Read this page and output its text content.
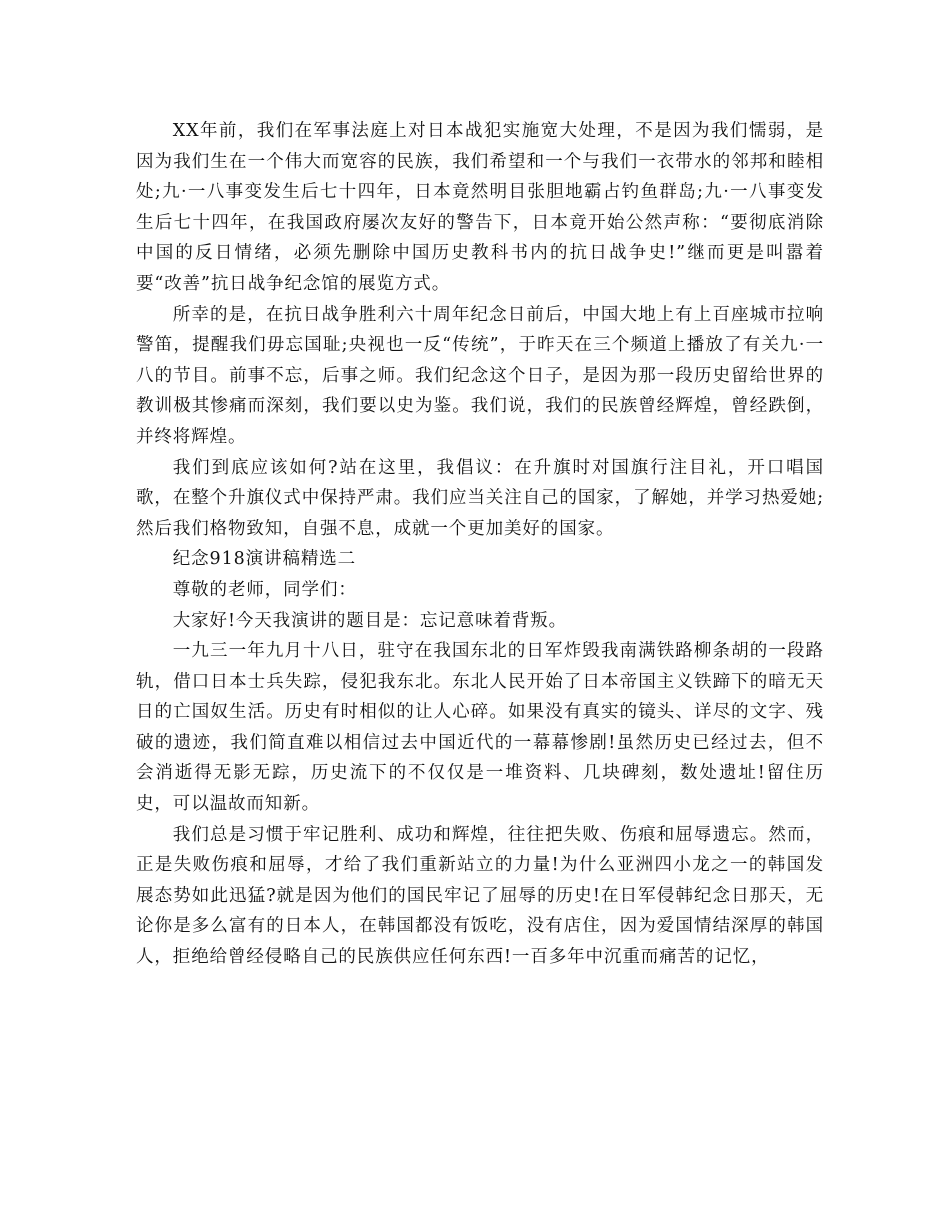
XX年前，我们在军事法庭上对日本战犯实施宽大处理，不是因为我们懦弱，是因为我们生在一个伟大而宽容的民族，我们希望和一个与我们一衣带水的邻邦和睦相处;九·一八事变发生后七十四年，日本竟然明目张胆地霸占钓鱼群岛;九·一八事变发生后七十四年，在我国政府屡次友好的警告下，日本竟开始公然声称：“要彻底消除中国的反日情绪，必须先删除中国历史教科书内的抗日战争史!”继而更是叫嚣着要“改善”抗日战争纪念馆的展览方式。

所幸的是，在抗日战争胜利六十周年纪念日前后，中国大地上有上百座城市拉响警笛，提醒我们毋忘国耻;央视也一反“传统”，于昨天在三个频道上播放了有关九·一八的节目。前事不忘，后事之师。我们纪念这个日子，是因为那一段历史留给世界的教训极其惨痛而深刻，我们要以史为鉴。我们说，我们的民族曾经辉煌，曾经跌倒，并终将辉煌。

我们到底应该如何?站在这里，我倡议：在升旗时对国旗行注目礼，开口唱国歌，在整个升旗仪式中保持严肃。我们应当关注自己的国家，了解她，并学习热爱她;然后我们格物致知，自强不息，成就一个更加美好的国家。

纪念918演讲稿精选二

尊敬的老师，同学们：

大家好!今天我演讲的题目是：忘记意味着背叛。

一九三一年九月十八日，驻守在我国东北的日军炸毁我南满铁路柳条胡的一段路轨，借口日本士兵失踪，侵犯我东北。东北人民开始了日本帝国主义铁蹄下的暗无天日的亡国奴生活。历史有时相似的让人心碎。如果没有真实的镜头、详尽的文字、残破的遗迹，我们简直难以相信过去中国近代的一幕幕惨剧!虽然历史已经过去，但不会消逝得无影无踪，历史流下的不仅仅是一堆资料、几块碑刻，数处遗址!留住历史，可以温故而知新。

我们总是习惯于牢记胜利、成功和辉煌，往往把失败、伤痕和屈辱遗忘。然而，正是失败伤痕和屈辱，才给了我们重新站立的力量!为什么亚洲四小龙之一的韩国发展态势如此迅猛?就是因为他们的国民牢记了屈辱的历史!在日军侵韩纪念日那天，无论你是多么富有的日本人，在韩国都没有饭吃，没有店住，因为爱国情结深厚的韩国人，拒绝给曾经侵略自己的民族供应任何东西!一百多年中沉重而痛苦的记忆，
